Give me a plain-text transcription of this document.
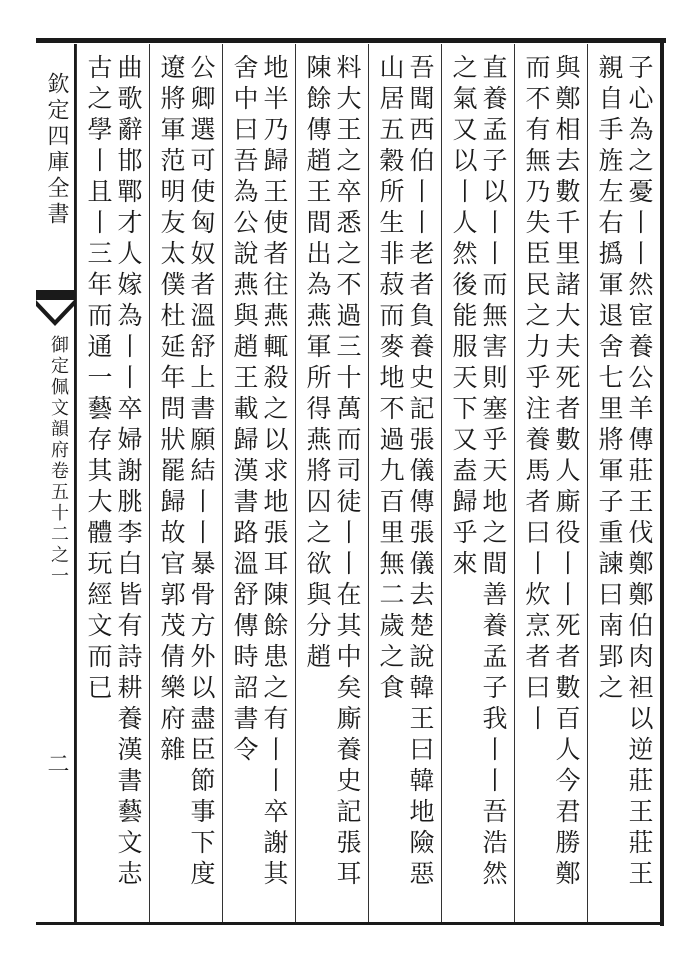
欽定四庫全書
御定佩文韻府卷五十二之一
二	子心為之憂丨丨然宦養公羊傳莊王伐鄭鄭伯肉袒以逆莊王莊王親自手旌左右撝軍退舍七里將軍子重諫曰南郢之
與鄭相去數千里諸大夫死者數人廝役丨丨死者數百人今君勝鄭而不有無乃失臣民之力乎注養馬者曰丨炊烹者曰丨
直養孟子以丨丨而無害則塞乎天地之間善養孟子我丨丨吾浩然之氣又以丨人然後能服天下又盍歸乎來
吾聞西伯丨丨老者負養史記張儀傳張儀去楚說韓王曰韓地險惡山居五穀所生非菽而麥地不過九百里無二歲之食
料大王之卒悉之不過三十萬而司徒丨丨在其中矣廝養史記張耳陳餘傳趙王間出為燕軍所得燕將囚之欲與分趙
地半乃歸王使者往燕輒殺之以求地張耳陳餘患之有丨丨卒謝其舍中曰吾為公說燕與趙王載歸漢書路溫舒傳時詔書令
公卿選可使匈奴者溫舒上書願結丨丨暴骨方外以盡臣節事下度遼將軍范明友太僕杜延年問狀罷歸故官郭茂倩樂府雜
曲歌辭邯鄲才人嫁為丨丨卒婦謝朓李白皆有詩耕養漢書藝文志古之學丨且丨三年而通一藝存其大體玩經文而已
